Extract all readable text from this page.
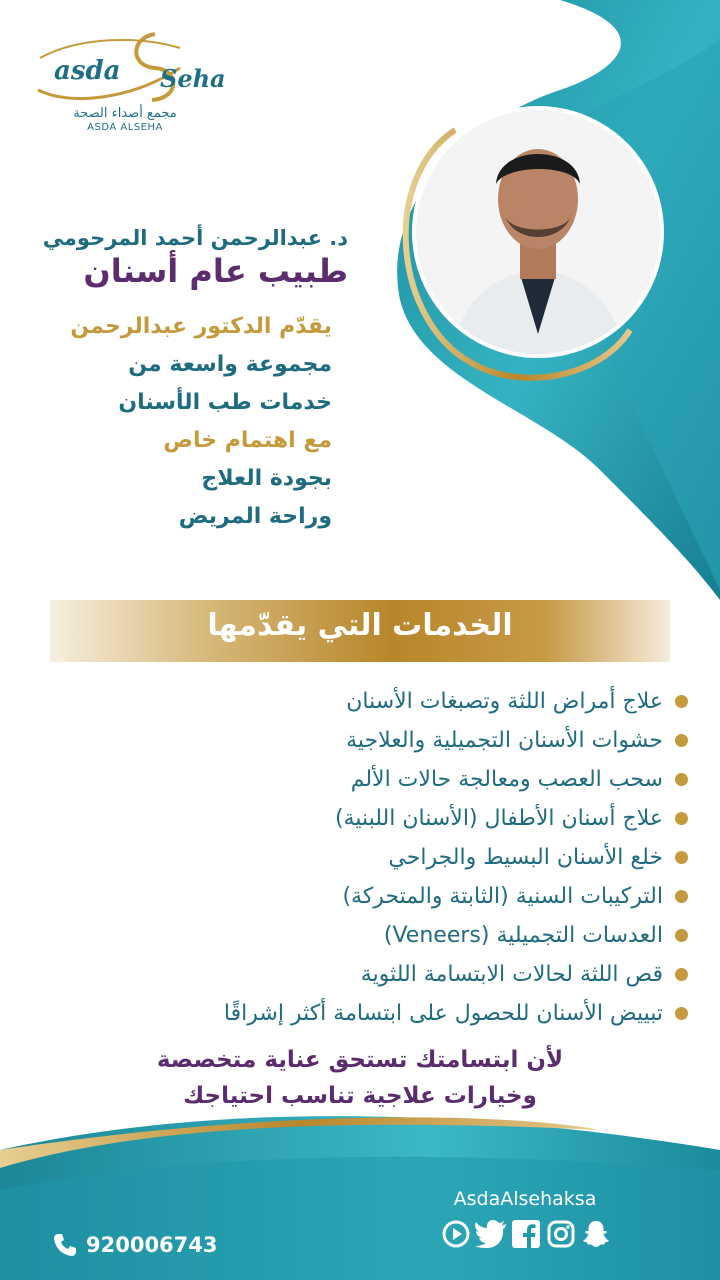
asda Seha
مجمع أصداء الصحة
ASDA ALSEHA
د. عبدالرحمن أحمد المرحومي
طبيب عام أسنان
يقدّم الدكتور عبدالرحمن
مجموعة واسعة من
خدمات طب الأسنان
مع اهتمام خاص
بجودة العلاج
وراحة المريض
الخدمات التي يقدّمها
علاج أمراض اللثة وتصبغات الأسنان
حشوات الأسنان التجميلية والعلاجية
سحب العصب ومعالجة حالات الألم
علاج أسنان الأطفال (الأسنان اللبنية)
خلع الأسنان البسيط والجراحي
التركيبات السنية (الثابتة والمتحركة)
العدسات التجميلية (Veneers)
قص اللثة لحالات الابتسامة اللثوية
تبييض الأسنان للحصول على ابتسامة أكثر إشراقًا
لأن ابتسامتك تستحق عناية متخصصة
وخيارات علاجية تناسب احتياجك
AsdaAlsehaksa
920006743
